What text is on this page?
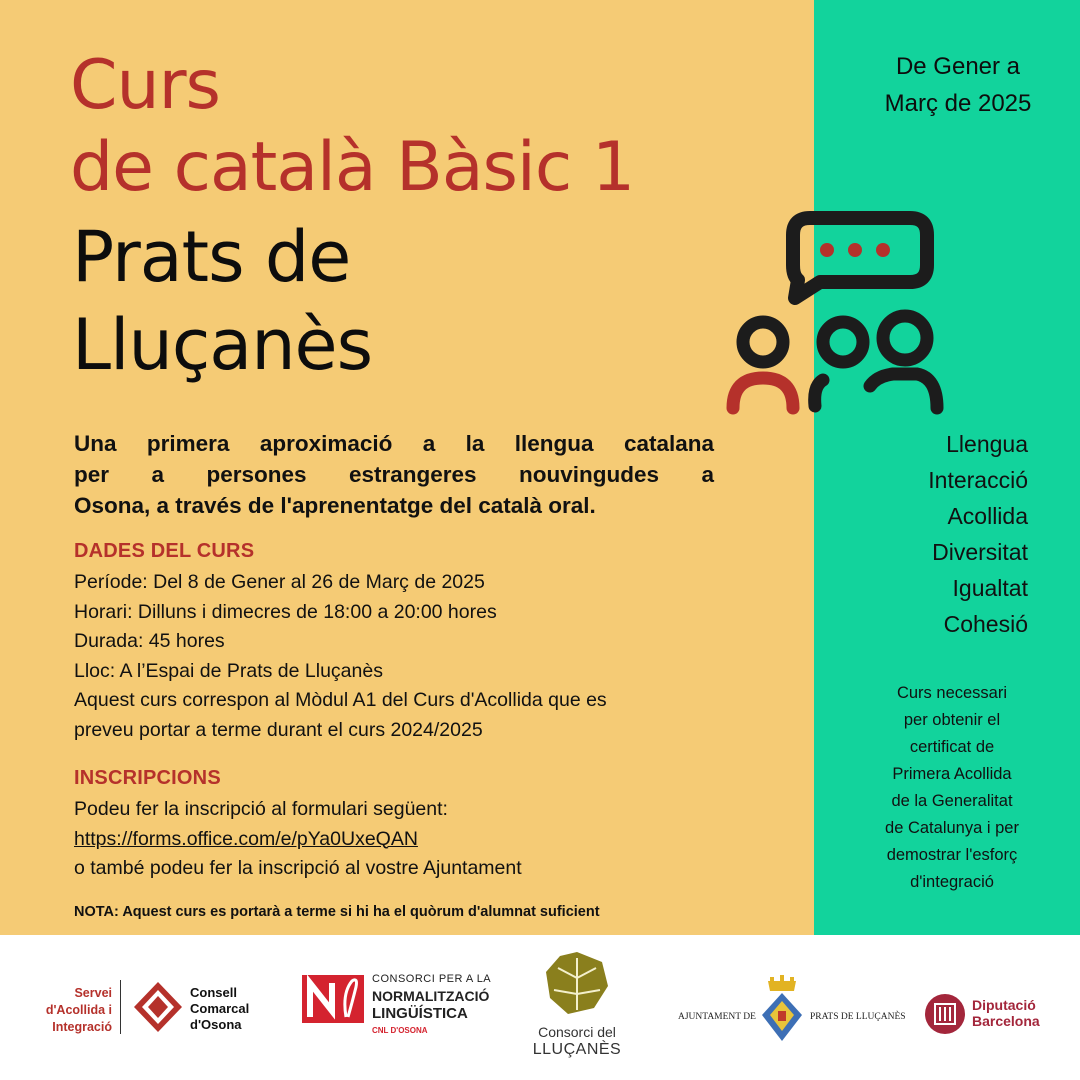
Curs
de català Bàsic 1
Prats de
Lluçanès
Una primera aproximació a la llengua catalana
per a persones estrangeres nouvingudes a
Osona, a través de l'aprenentatge del català oral.
DADES DEL CURS
Període: Del 8 de Gener al 26 de Març de 2025
Horari: Dilluns i dimecres de 18:00 a 20:00 hores
Durada: 45 hores
Lloc: A l’Espai de Prats de Lluçanès
Aquest curs correspon al Mòdul A1 del Curs d'Acollida que es
preveu portar a terme durant el curs 2024/2025
INSCRIPCIONS
Podeu fer la inscripció al formulari següent:
https://forms.office.com/e/pYa0UxeQAN
o també podeu fer la inscripció al vostre Ajuntament
NOTA: Aquest curs es portarà a terme si hi ha el quòrum d'alumnat suficient
De Gener a
Març de 2025
Llengua
Interacció
Acollida
Diversitat
Igualtat
Cohesió
Curs necessari
per obtenir el
certificat de
Primera Acollida
de la Generalitat
de Catalunya i per
demostrar l'esforç
d'integració
Servei
d'Acollida i
Integració
Consell
Comarcal
d'Osona
CONSORCI PER A LA
NORMALITZACIÓ
LINGÜÍSTICA
CNL D'OSONA	Consorci del
LLUÇANÈS
AJUNTAMENT DE	PRATS DE LLUÇANÈS
Diputació
Barcelona
